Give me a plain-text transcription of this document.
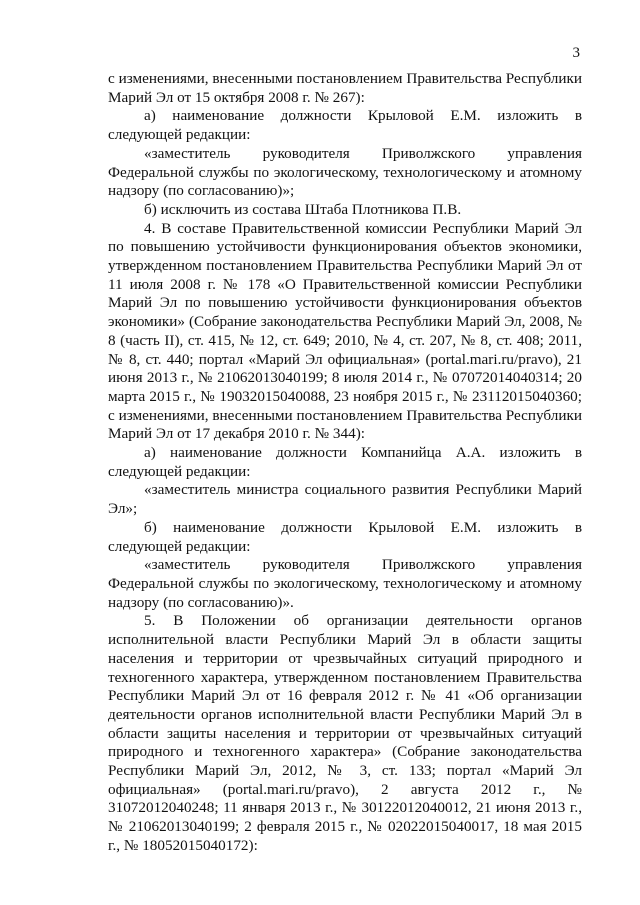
3

с изменениями, внесенными постановлением Правительства Республики Марий Эл от 15 октября 2008 г. № 267):

а) наименование должности Крыловой Е.М. изложить в следующей редакции:

«заместитель руководителя Приволжского управления Федеральной службы по экологическому, технологическому и атомному надзору (по согласованию)»;

б) исключить из состава Штаба Плотникова П.В.

4. В составе Правительственной комиссии Республики Марий Эл по повышению устойчивости функционирования объектов экономики, утвержденном постановлением Правительства Республики Марий Эл от 11 июля 2008 г. № 178 «О Правительственной комиссии Республики Марий Эл по повышению устойчивости функционирования объектов экономики» (Собрание законодательства Республики Марий Эл, 2008, № 8 (часть II), ст. 415, № 12, ст. 649; 2010, № 4, ст. 207, № 8, ст. 408; 2011, № 8, ст. 440; портал «Марий Эл официальная» (portal.mari.ru/pravo), 21 июня 2013 г., № 21062013040199; 8 июля 2014 г., № 07072014040314; 20 марта 2015 г., № 19032015040088, 23 ноября 2015 г., № 23112015040360; с изменениями, внесенными постановлением Правительства Республики Марий Эл от 17 декабря 2010 г. № 344):

а) наименование должности Компанийца А.А. изложить в следующей редакции:

«заместитель министра социального развития Республики Марий Эл»;

б) наименование должности Крыловой Е.М. изложить в следующей редакции:

«заместитель руководителя Приволжского управления Федеральной службы по экологическому, технологическому и атомному надзору (по согласованию)».

5. В Положении об организации деятельности органов исполнительной власти Республики Марий Эл в области защиты населения и территории от чрезвычайных ситуаций природного и техногенного характера, утвержденном постановлением Правительства Республики Марий Эл от 16 февраля 2012 г. № 41 «Об организации деятельности органов исполнительной власти Республики Марий Эл в области защиты населения и территории от чрезвычайных ситуаций природного и техногенного характера» (Собрание законодательства Республики Марий Эл, 2012, № 3, ст. 133; портал «Марий Эл официальная» (portal.mari.ru/pravo), 2 августа 2012 г., № 31072012040248; 11 января 2013 г., № 30122012040012, 21 июня 2013 г., № 21062013040199; 2 февраля 2015 г., № 02022015040017, 18 мая 2015 г., № 18052015040172):
